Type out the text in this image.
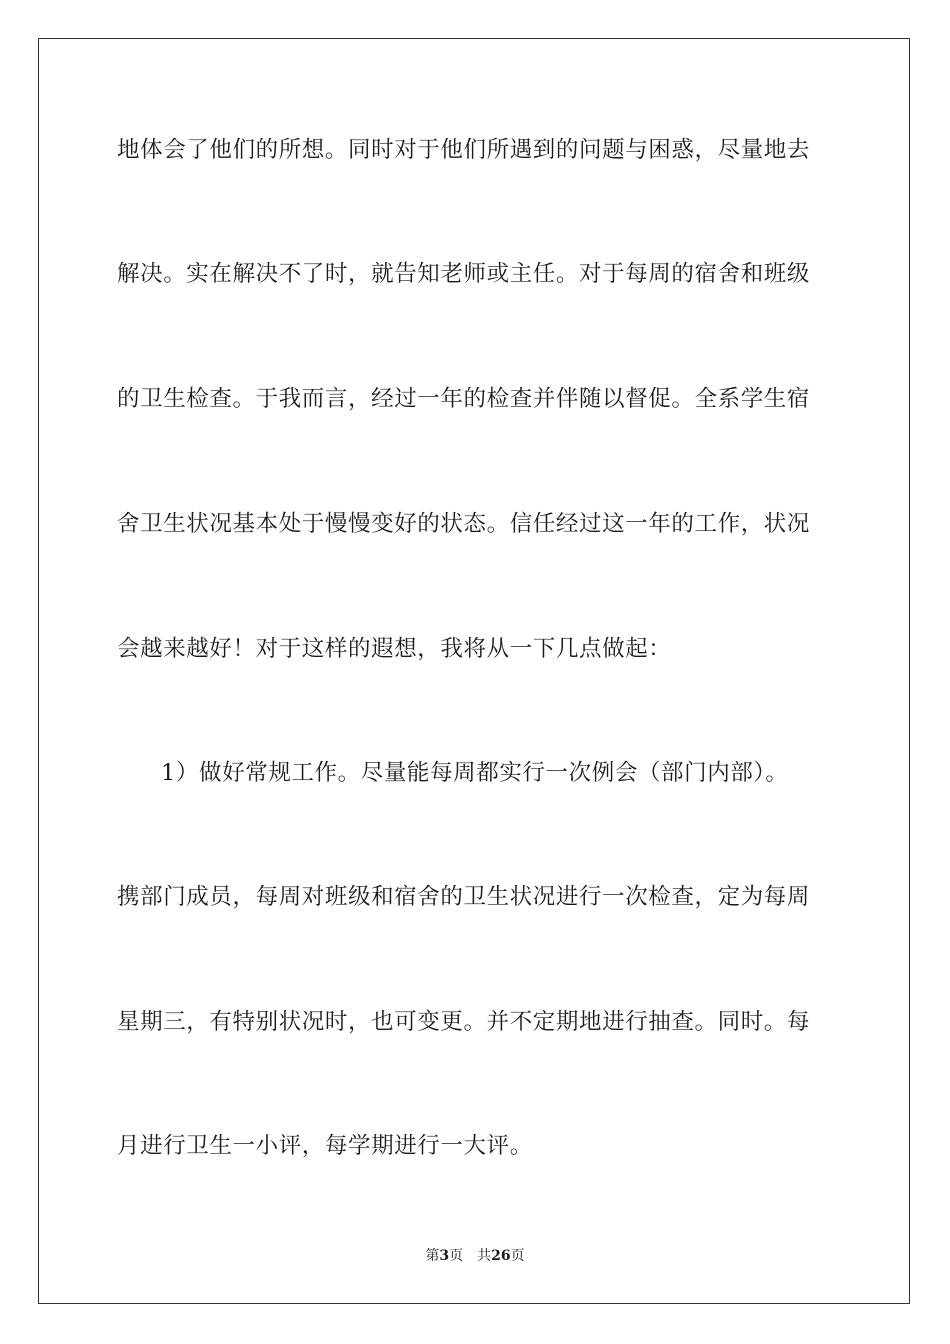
地体会了他们的所想。同时对于他们所遇到的问题与困惑，尽量地去
解决。实在解决不了时，就告知老师或主任。对于每周的宿舍和班级
的卫生检查。于我而言，经过一年的检查并伴随以督促。全系学生宿
舍卫生状况基本处于慢慢变好的状态。信任经过这一年的工作，状况
会越来越好！对于这样的遐想，我将从一下几点做起：
1）做好常规工作。尽量能每周都实行一次例会（部门内部）。
携部门成员，每周对班级和宿舍的卫生状况进行一次检查，定为每周
星期三，有特别状况时，也可变更。并不定期地进行抽查。同时。每
月进行卫生一小评，每学期进行一大评。
第3页 共26页
